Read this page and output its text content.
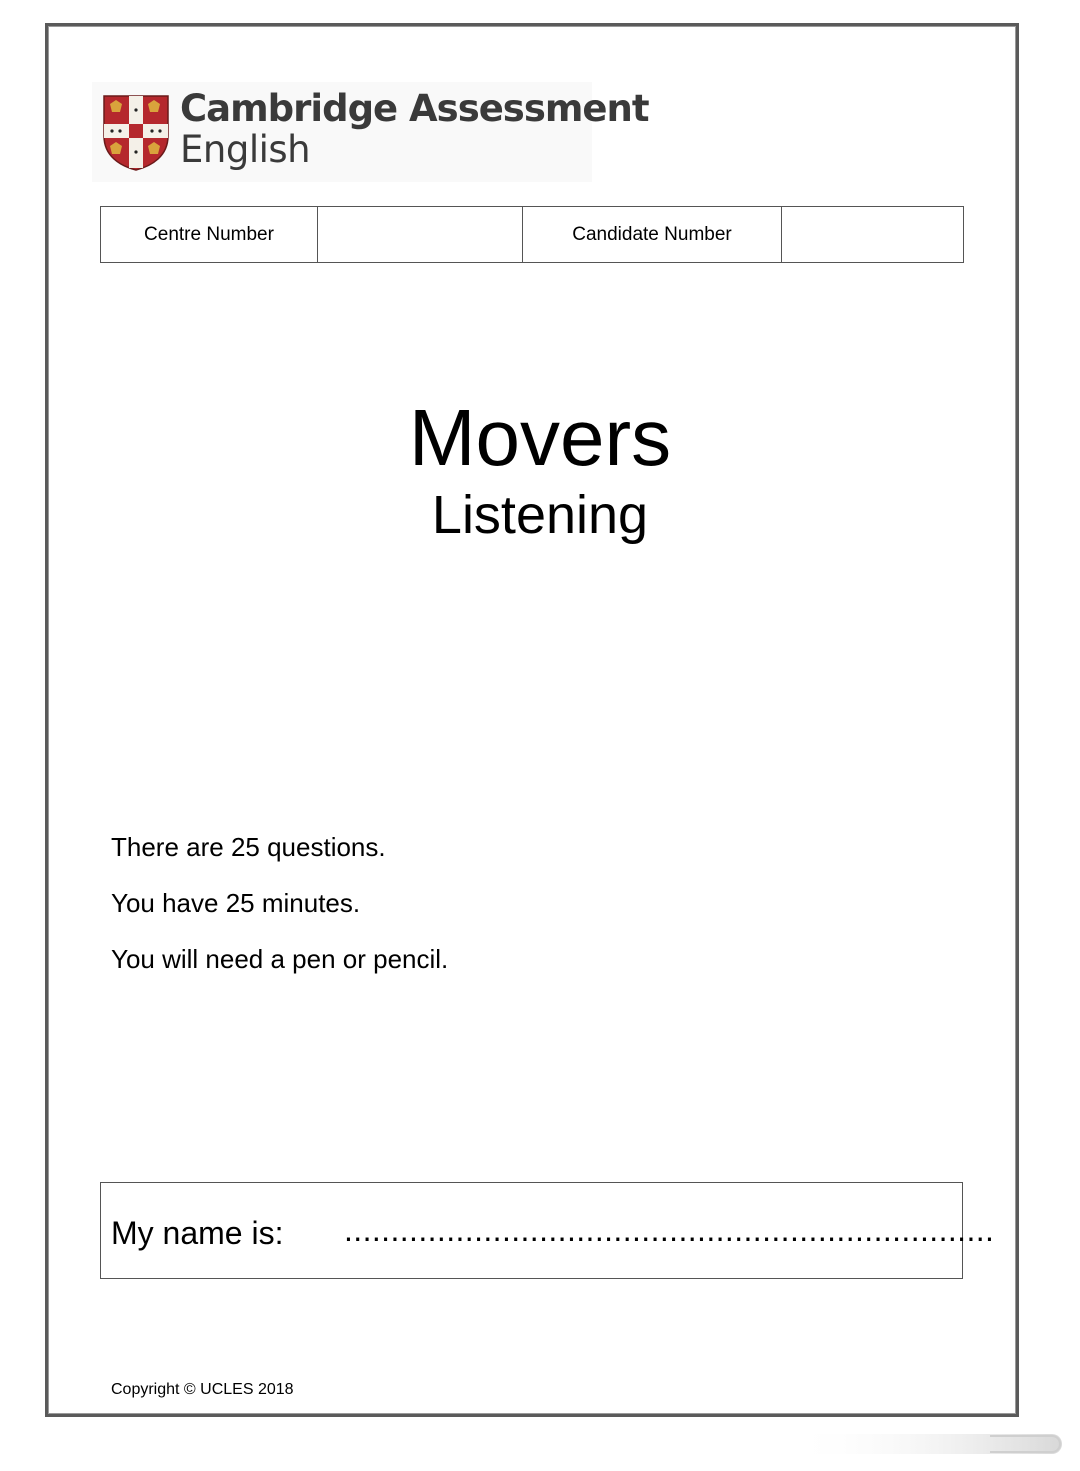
Cambridge Assessment
English
Centre Number		Candidate Number	
Movers
Listening

There are 25 questions.

You have 25 minutes.

You will need a pen or pencil.

My name is: ......................................................................
Copyright © UCLES 2018
